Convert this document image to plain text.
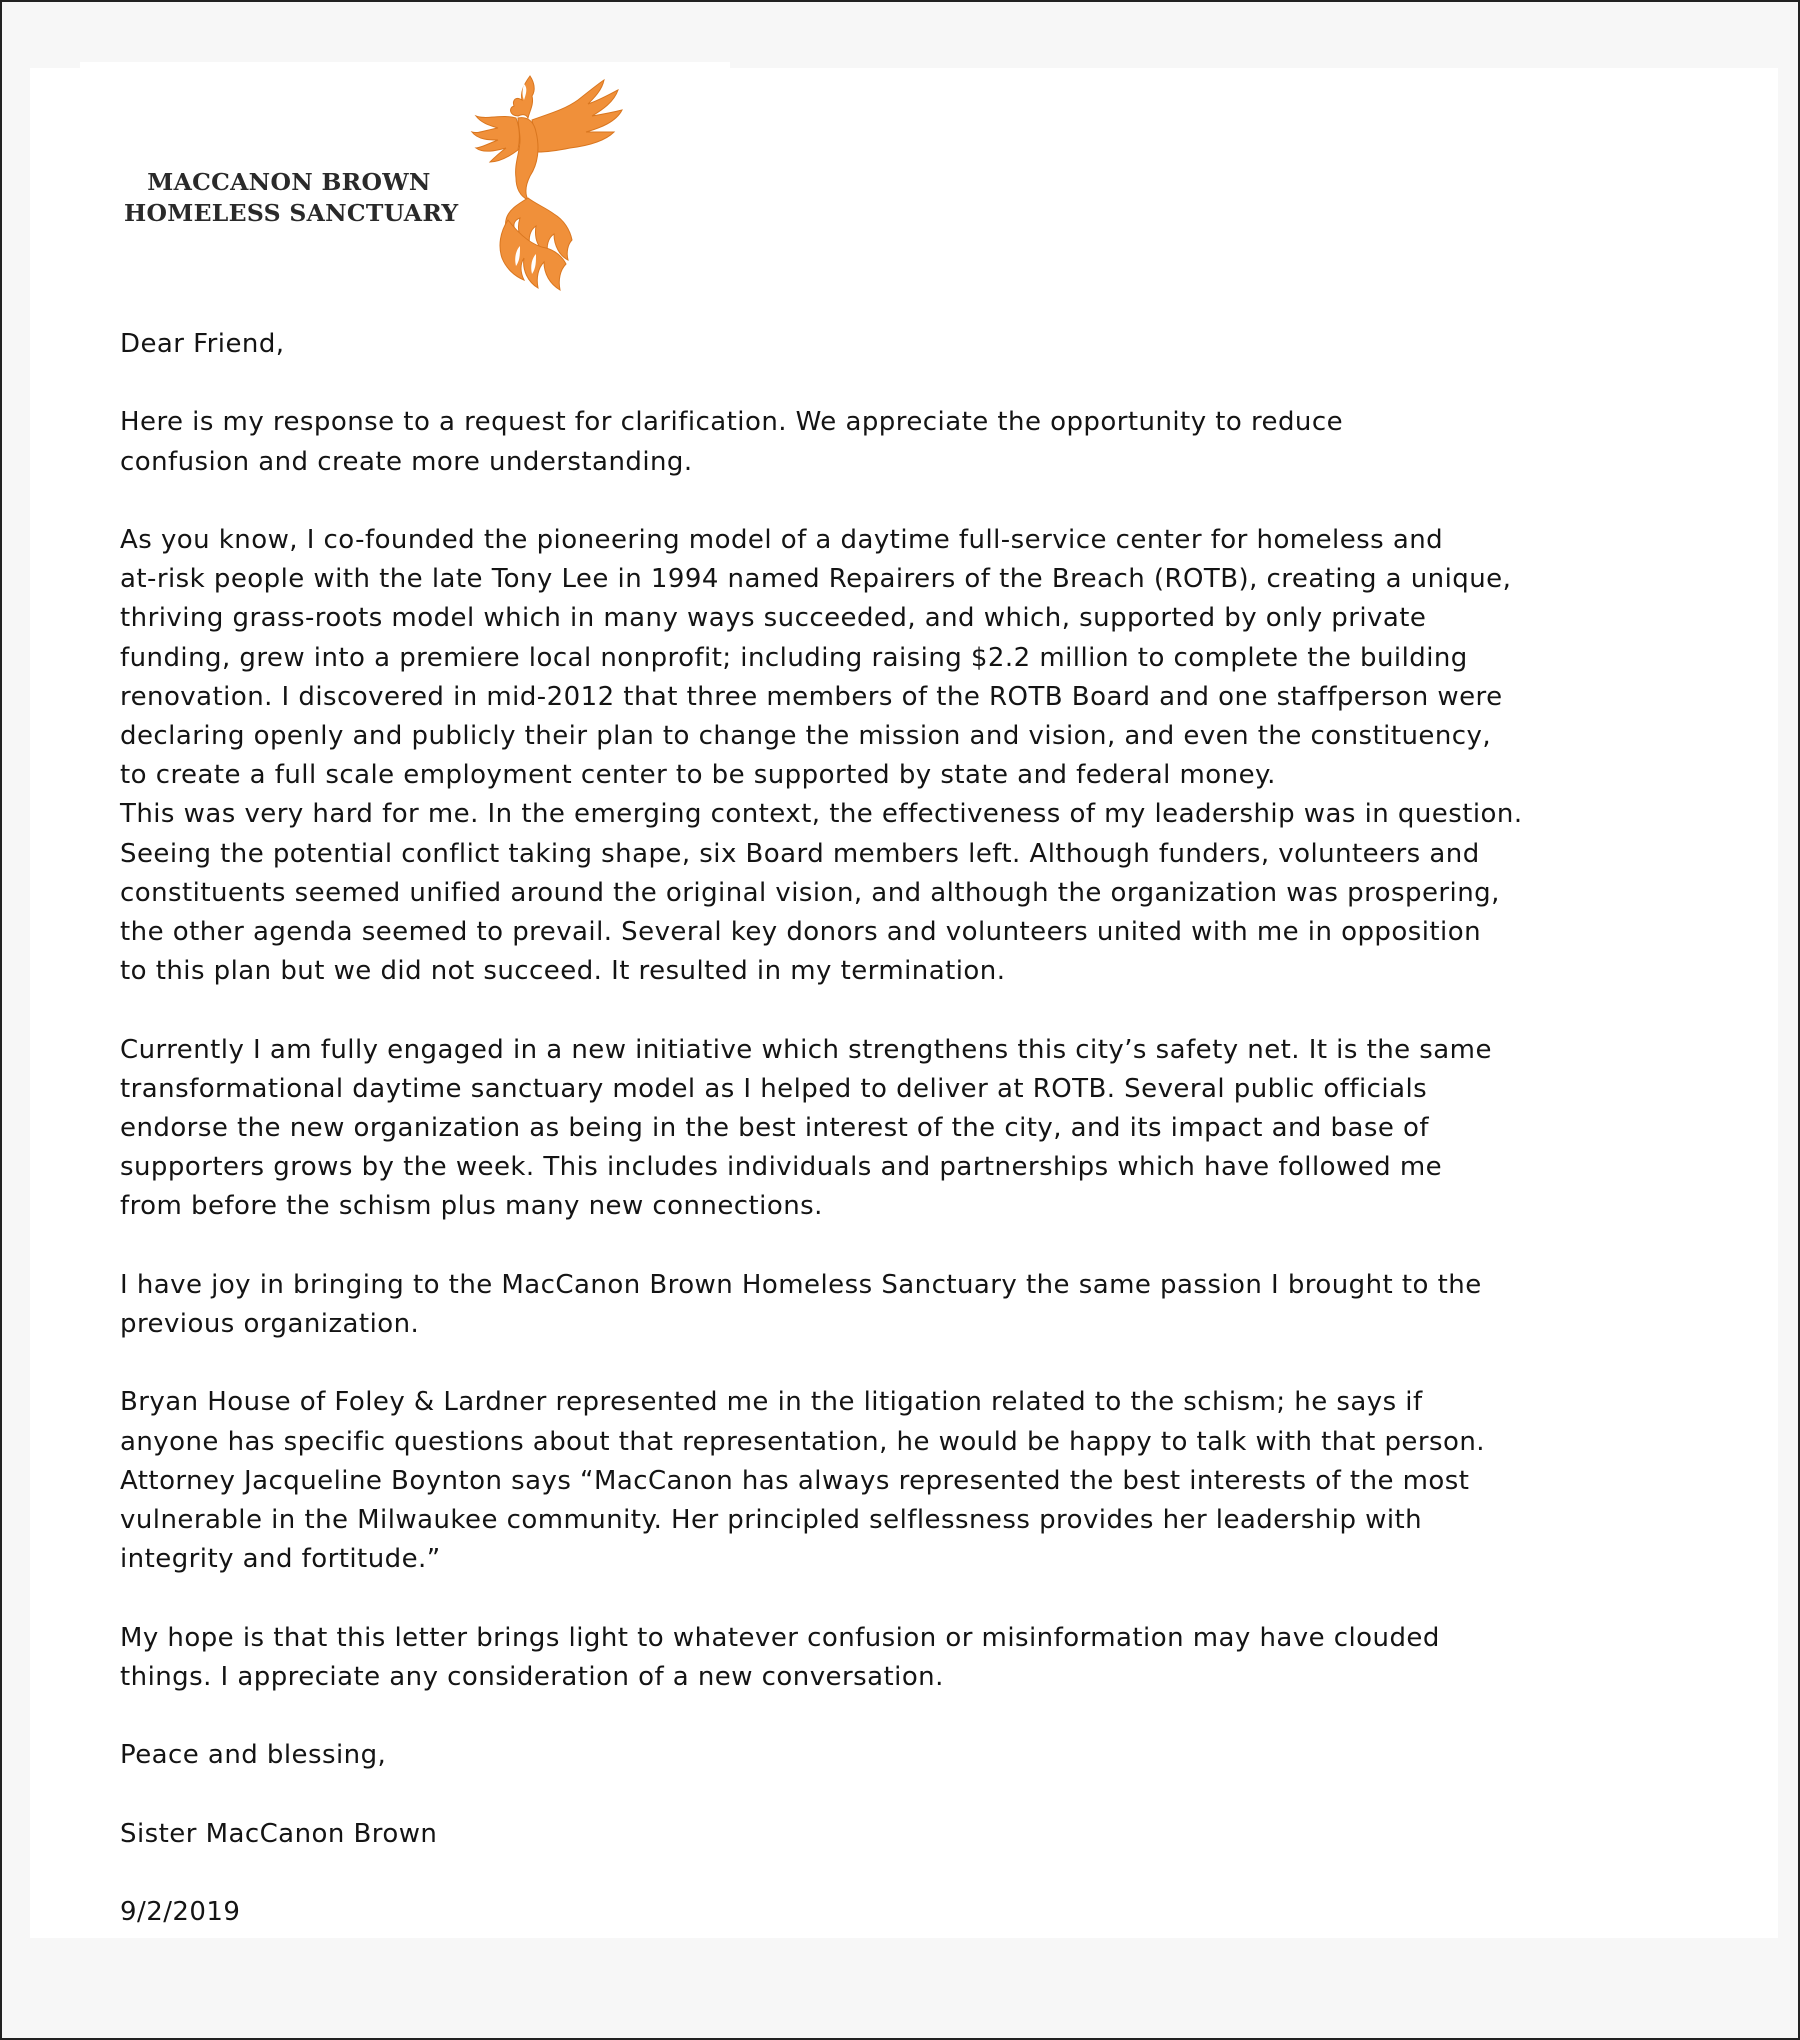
MACCANON BROWN
HOMELESS SANCTUARY

Dear Friend,

Here is my response to a request for clarification. We appreciate the opportunity to reduce
confusion and create more understanding.

As you know, I co-founded the pioneering model of a daytime full-service center for homeless and
at-risk people with the late Tony Lee in 1994 named Repairers of the Breach (ROTB), creating a unique,
thriving grass-roots model which in many ways succeeded, and which, supported by only private
funding, grew into a premiere local nonprofit; including raising $2.2 million to complete the building
renovation. I discovered in mid-2012 that three members of the ROTB Board and one staffperson were
declaring openly and publicly their plan to change the mission and vision, and even the constituency,
to create a full scale employment center to be supported by state and federal money.

This was very hard for me. In the emerging context, the effectiveness of my leadership was in question.
Seeing the potential conflict taking shape, six Board members left. Although funders, volunteers and
constituents seemed unified around the original vision, and although the organization was prospering,
the other agenda seemed to prevail. Several key donors and volunteers united with me in opposition
to this plan but we did not succeed. It resulted in my termination.

Currently I am fully engaged in a new initiative which strengthens this city’s safety net. It is the same
transformational daytime sanctuary model as I helped to deliver at ROTB. Several public officials
endorse the new organization as being in the best interest of the city, and its impact and base of
supporters grows by the week. This includes individuals and partnerships which have followed me
from before the schism plus many new connections.

I have joy in bringing to the MacCanon Brown Homeless Sanctuary the same passion I brought to the
previous organization.

Bryan House of Foley & Lardner represented me in the litigation related to the schism; he says if
anyone has specific questions about that representation, he would be happy to talk with that person.
Attorney Jacqueline Boynton says “MacCanon has always represented the best interests of the most
vulnerable in the Milwaukee community. Her principled selflessness provides her leadership with
integrity and fortitude.”

My hope is that this letter brings light to whatever confusion or misinformation may have clouded
things. I appreciate any consideration of a new conversation.

Peace and blessing,

Sister MacCanon Brown

9/2/2019
